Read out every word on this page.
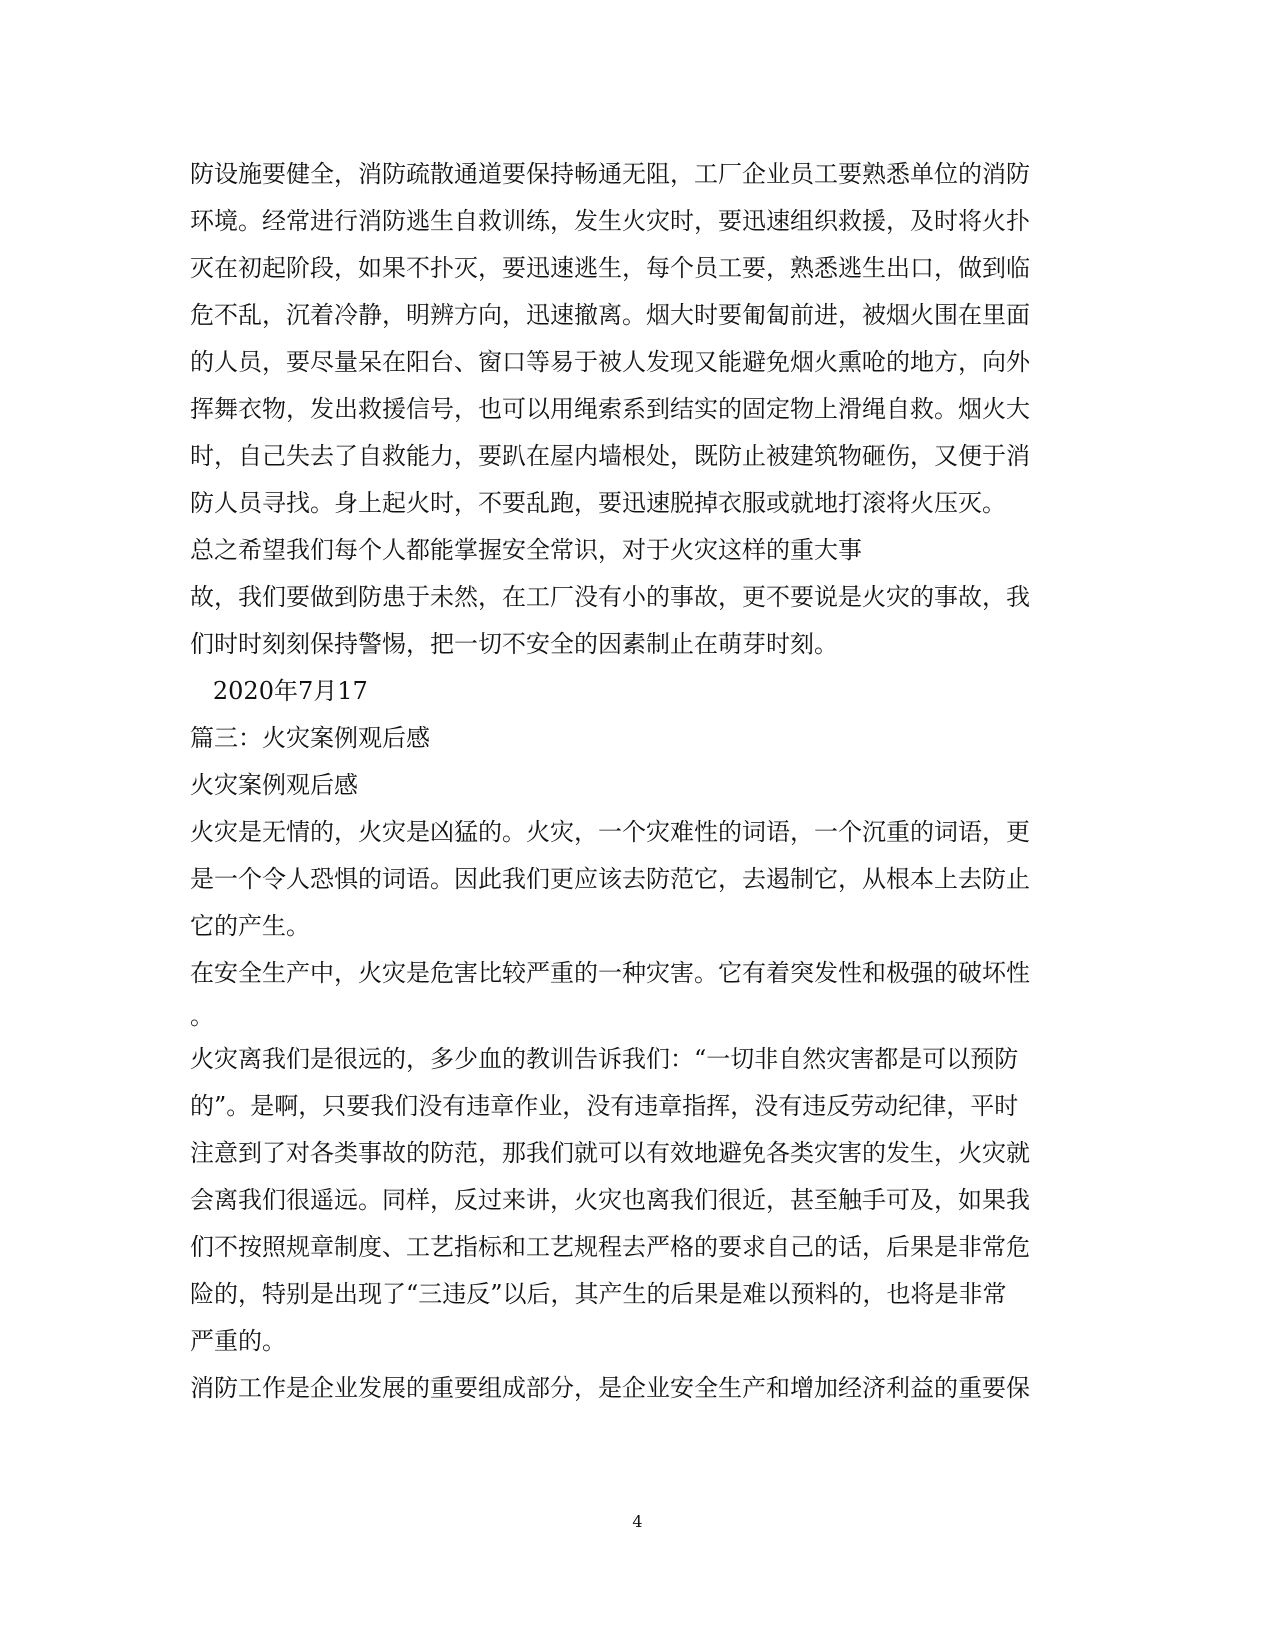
防设施要健全，消防疏散通道要保持畅通无阻，工厂企业员工要熟悉单位的消防
环境。经常进行消防逃生自救训练，发生火灾时，要迅速组织救援，及时将火扑
灭在初起阶段，如果不扑灭，要迅速逃生，每个员工要，熟悉逃生出口，做到临
危不乱，沉着冷静，明辨方向，迅速撤离。烟大时要匍匐前进，被烟火围在里面
的人员，要尽量呆在阳台、窗口等易于被人发现又能避免烟火熏呛的地方，向外
挥舞衣物，发出救援信号，也可以用绳索系到结实的固定物上滑绳自救。烟火大
时，自己失去了自救能力，要趴在屋内墙根处，既防止被建筑物砸伤，又便于消
防人员寻找。身上起火时，不要乱跑，要迅速脱掉衣服或就地打滚将火压灭。
总之希望我们每个人都能掌握安全常识，对于火灾这样的重大事
故，我们要做到防患于未然，在工厂没有小的事故，更不要说是火灾的事故，我
们时时刻刻保持警惕，把一切不安全的因素制止在萌芽时刻。
2020年7月17
篇三：火灾案例观后感
火灾案例观后感
火灾是无情的，火灾是凶猛的。火灾，一个灾难性的词语，一个沉重的词语，更
是一个令人恐惧的词语。因此我们更应该去防范它，去遏制它，从根本上去防止
它的产生。
在安全生产中，火灾是危害比较严重的一种灾害。它有着突发性和极强的破坏性
。
火灾离我们是很远的，多少血的教训告诉我们：“一切非自然灾害都是可以预防
的”。是啊，只要我们没有违章作业，没有违章指挥，没有违反劳动纪律，平时
注意到了对各类事故的防范，那我们就可以有效地避免各类灾害的发生，火灾就
会离我们很遥远。同样，反过来讲，火灾也离我们很近，甚至触手可及，如果我
们不按照规章制度、工艺指标和工艺规程去严格的要求自己的话，后果是非常危
险的，特别是出现了“三违反”以后，其产生的后果是难以预料的，也将是非常
严重的。
消防工作是企业发展的重要组成部分，是企业安全生产和增加经济利益的重要保
4
